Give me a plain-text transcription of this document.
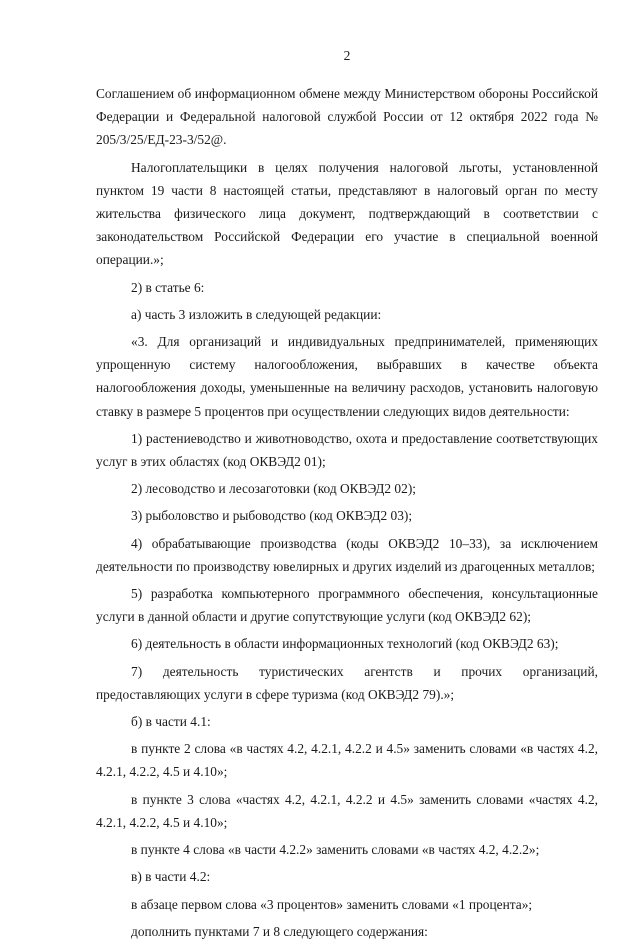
2

Соглашением об информационном обмене между Министерством обороны Российской Федерации и Федеральной налоговой службой России от 12 октября 2022 года № 205/3/25/ЕД-23-3/52@.

Налогоплательщики в целях получения налоговой льготы, установленной пунктом 19 части 8 настоящей статьи, представляют в налоговый орган по месту жительства физического лица документ, подтверждающий в соответствии с законодательством Российской Федерации его участие в специальной военной операции.»;

2) в статье 6:

а) часть 3 изложить в следующей редакции:

«3. Для организаций и индивидуальных предпринимателей, применяющих упрощенную систему налогообложения, выбравших в качестве объекта налогообложения доходы, уменьшенные на величину расходов, установить налоговую ставку в размере 5 процентов при осуществлении следующих видов деятельности:

1) растениеводство и животноводство, охота и предоставление соответствующих услуг в этих областях (код ОКВЭД2 01);

2) лесоводство и лесозаготовки (код ОКВЭД2 02);

3) рыболовство и рыбоводство (код ОКВЭД2 03);

4) обрабатывающие производства (коды ОКВЭД2 10–33), за исключением деятельности по производству ювелирных и других изделий из драгоценных металлов;

5) разработка компьютерного программного обеспечения, консультационные услуги в данной области и другие сопутствующие услуги (код ОКВЭД2 62);

6) деятельность в области информационных технологий (код ОКВЭД2 63);

7) деятельность туристических агентств и прочих организаций, предоставляющих услуги в сфере туризма (код ОКВЭД2 79).»;

б) в части 4.1:

в пункте 2 слова «в частях 4.2, 4.2.1, 4.2.2 и 4.5» заменить словами «в частях 4.2, 4.2.1, 4.2.2, 4.5 и 4.10»;

в пункте 3 слова «частях 4.2, 4.2.1, 4.2.2 и 4.5» заменить словами «частях 4.2, 4.2.1, 4.2.2, 4.5 и 4.10»;

в пункте 4 слова «в части 4.2.2» заменить словами «в частях 4.2, 4.2.2»;

в) в части 4.2:

в абзаце первом слова «3 процентов» заменить словами «1 процента»;

дополнить пунктами 7 и 8 следующего содержания:
